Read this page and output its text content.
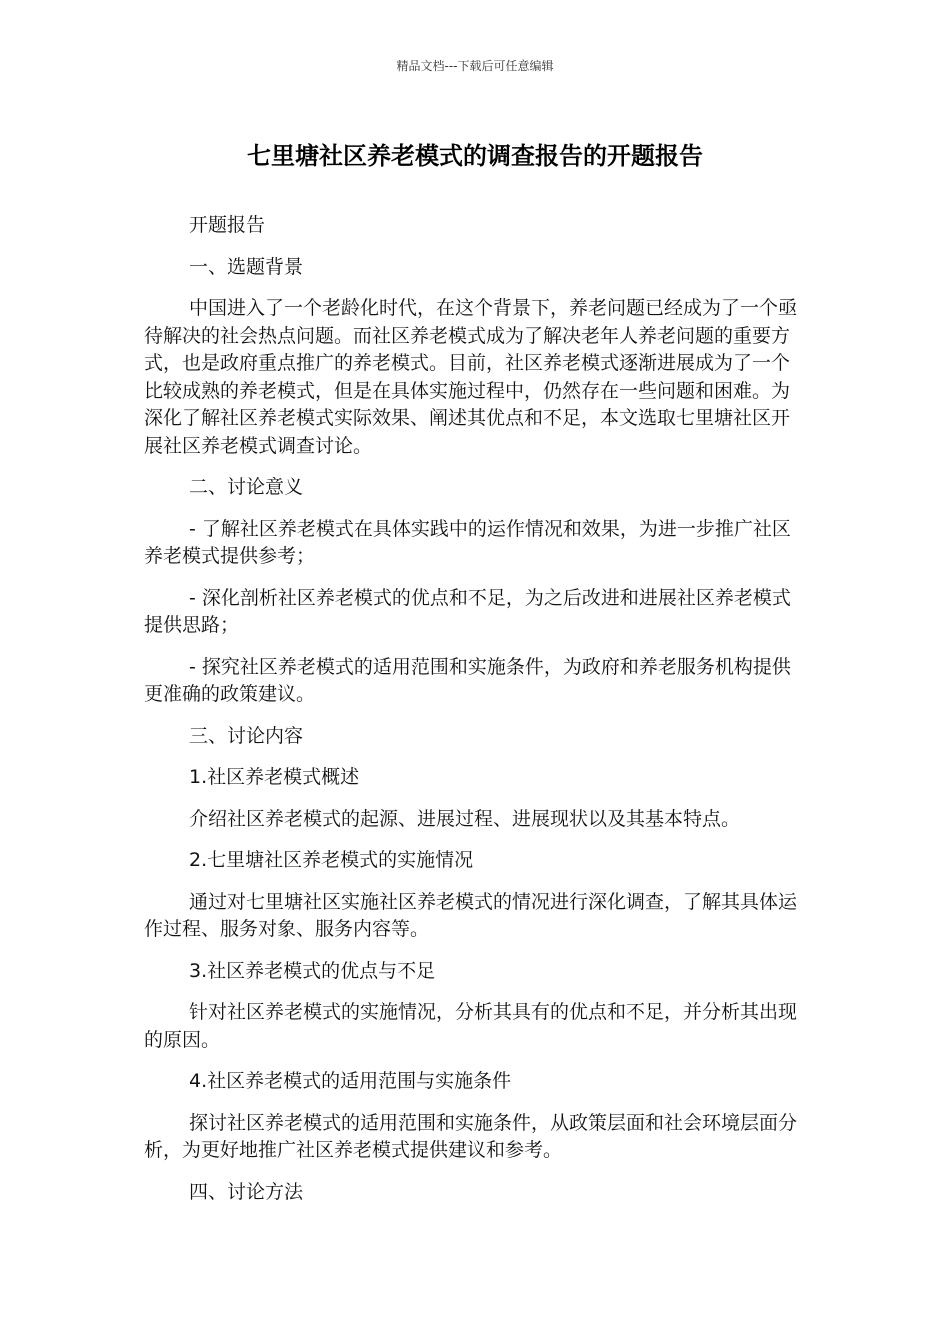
精品文档---下载后可任意编辑
七里塘社区养老模式的调查报告的开题报告

开题报告

一、选题背景

中国进入了一个老龄化时代，在这个背景下，养老问题已经成为了一个亟待解决的社会热点问题。而社区养老模式成为了解决老年人养老问题的重要方式，也是政府重点推广的养老模式。目前，社区养老模式逐渐进展成为了一个比较成熟的养老模式，但是在具体实施过程中，仍然存在一些问题和困难。为深化了解社区养老模式实际效果、阐述其优点和不足，本文选取七里塘社区开展社区养老模式调查讨论。

二、讨论意义

- 了解社区养老模式在具体实践中的运作情况和效果，为进一步推广社区养老模式提供参考；

- 深化剖析社区养老模式的优点和不足，为之后改进和进展社区养老模式提供思路；

- 探究社区养老模式的适用范围和实施条件，为政府和养老服务机构提供更准确的政策建议。

三、讨论内容

1.社区养老模式概述

介绍社区养老模式的起源、进展过程、进展现状以及其基本特点。

2.七里塘社区养老模式的实施情况

通过对七里塘社区实施社区养老模式的情况进行深化调查，了解其具体运作过程、服务对象、服务内容等。

3.社区养老模式的优点与不足

针对社区养老模式的实施情况，分析其具有的优点和不足，并分析其出现的原因。

4.社区养老模式的适用范围与实施条件

探讨社区养老模式的适用范围和实施条件，从政策层面和社会环境层面分析，为更好地推广社区养老模式提供建议和参考。

四、讨论方法
